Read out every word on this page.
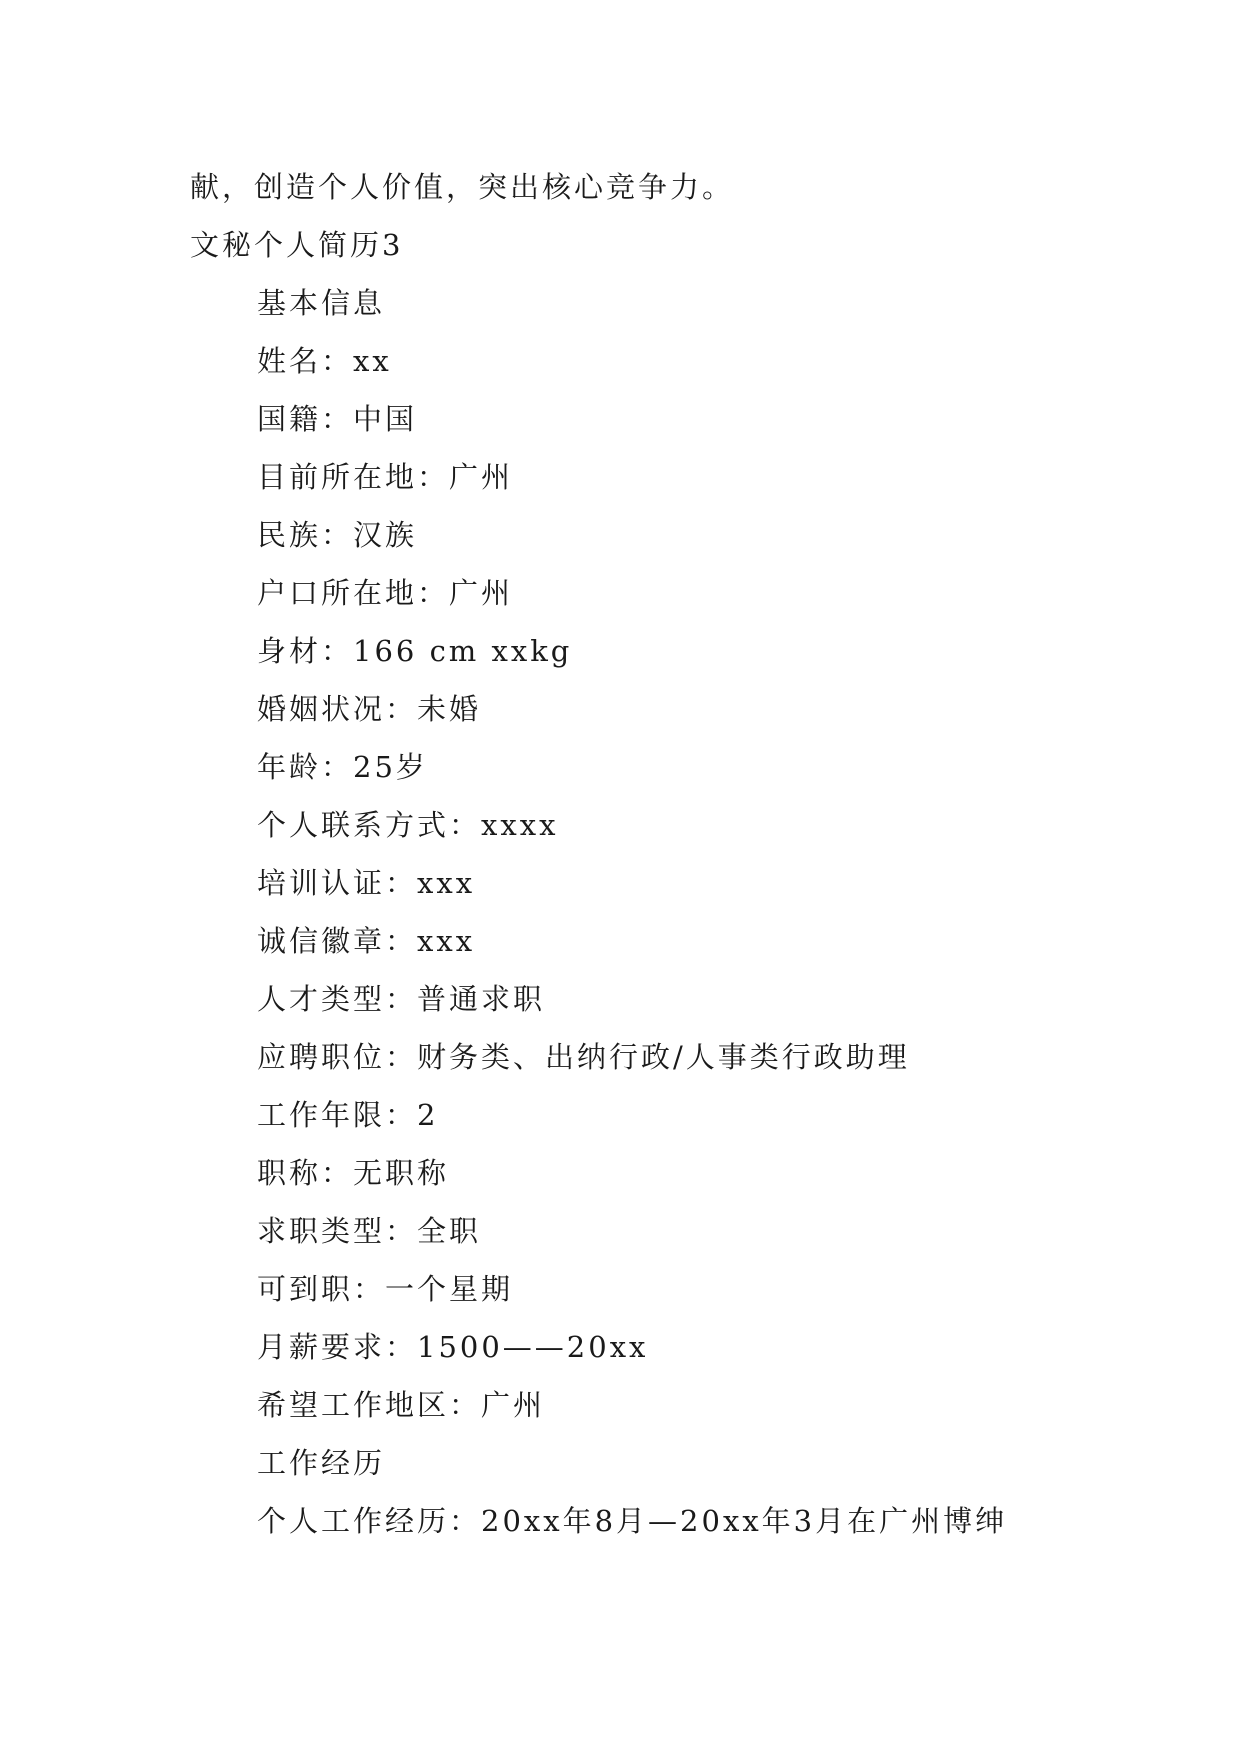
献，创造个人价值，突出核心竞争力。
文秘个人简历3
基本信息
姓名：xx
国籍：中国
目前所在地：广州
民族：汉族
户口所在地：广州
身材：166 cm xxkg
婚姻状况：未婚
年龄：25岁
个人联系方式：xxxx
培训认证：xxx
诚信徽章：xxx
人才类型：普通求职
应聘职位：财务类、出纳行政/人事类行政助理
工作年限：2
职称：无职称
求职类型：全职
可到职：一个星期
月薪要求：1500——20xx
希望工作地区：广州
工作经历
个人工作经历：20xx年8月—20xx年3月在广州博绅
